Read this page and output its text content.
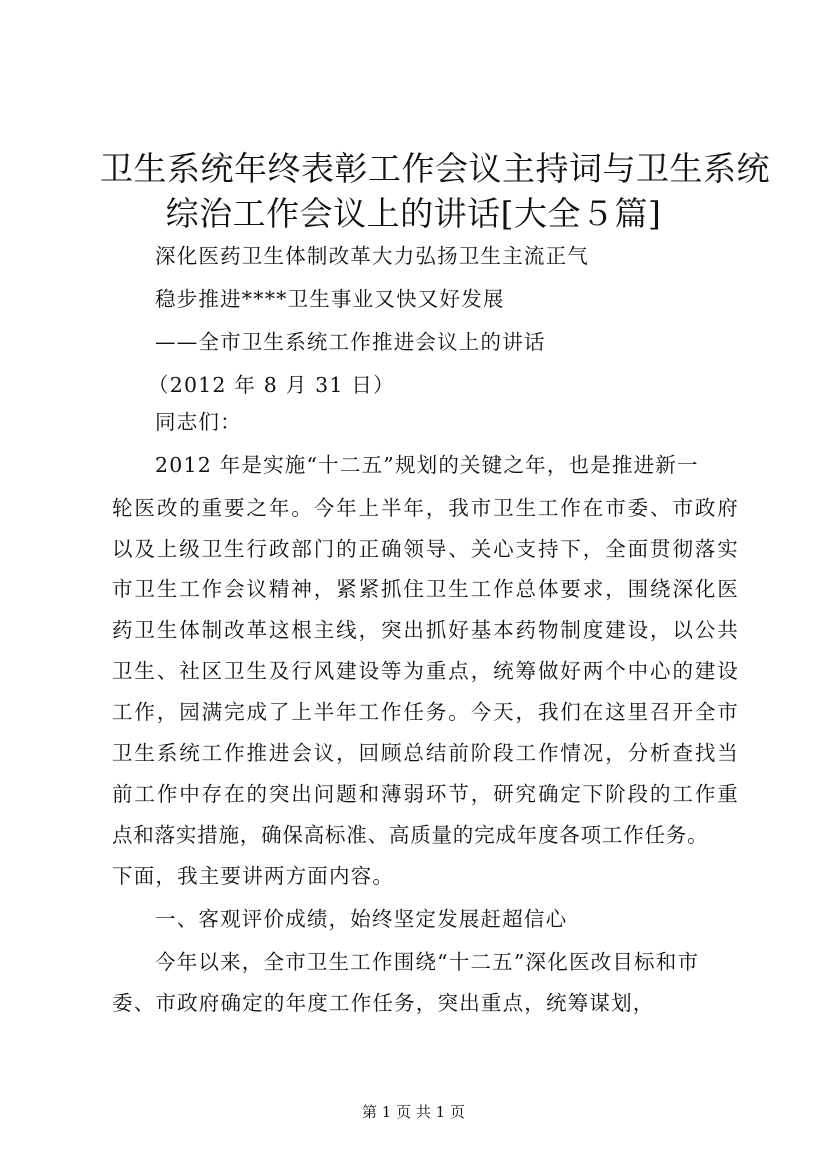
卫生系统年终表彰工作会议主持词与卫生系统
综治工作会议上的讲话[大全５篇]
深化医药卫生体制改革大力弘扬卫生主流正气
稳步推进****卫生事业又快又好发展
——全市卫生系统工作推进会议上的讲话
（2012 年 8 月 31 日）
同志们：
2012 年是实施“十二五”规划的关键之年，也是推进新一
轮医改的重要之年。今年上半年，我市卫生工作在市委、市政府
以及上级卫生行政部门的正确领导、关心支持下，全面贯彻落实
市卫生工作会议精神，紧紧抓住卫生工作总体要求，围绕深化医
药卫生体制改革这根主线，突出抓好基本药物制度建设，以公共
卫生、社区卫生及行风建设等为重点，统筹做好两个中心的建设
工作，园满完成了上半年工作任务。今天，我们在这里召开全市
卫生系统工作推进会议，回顾总结前阶段工作情况，分析查找当
前工作中存在的突出问题和薄弱环节，研究确定下阶段的工作重
点和落实措施，确保高标准、高质量的完成年度各项工作任务。
下面，我主要讲两方面内容。
一、客观评价成绩，始终坚定发展赶超信心
今年以来，全市卫生工作围绕“十二五”深化医改目标和市
委、市政府确定的年度工作任务，突出重点，统筹谋划，
第 1 页 共 1 页
